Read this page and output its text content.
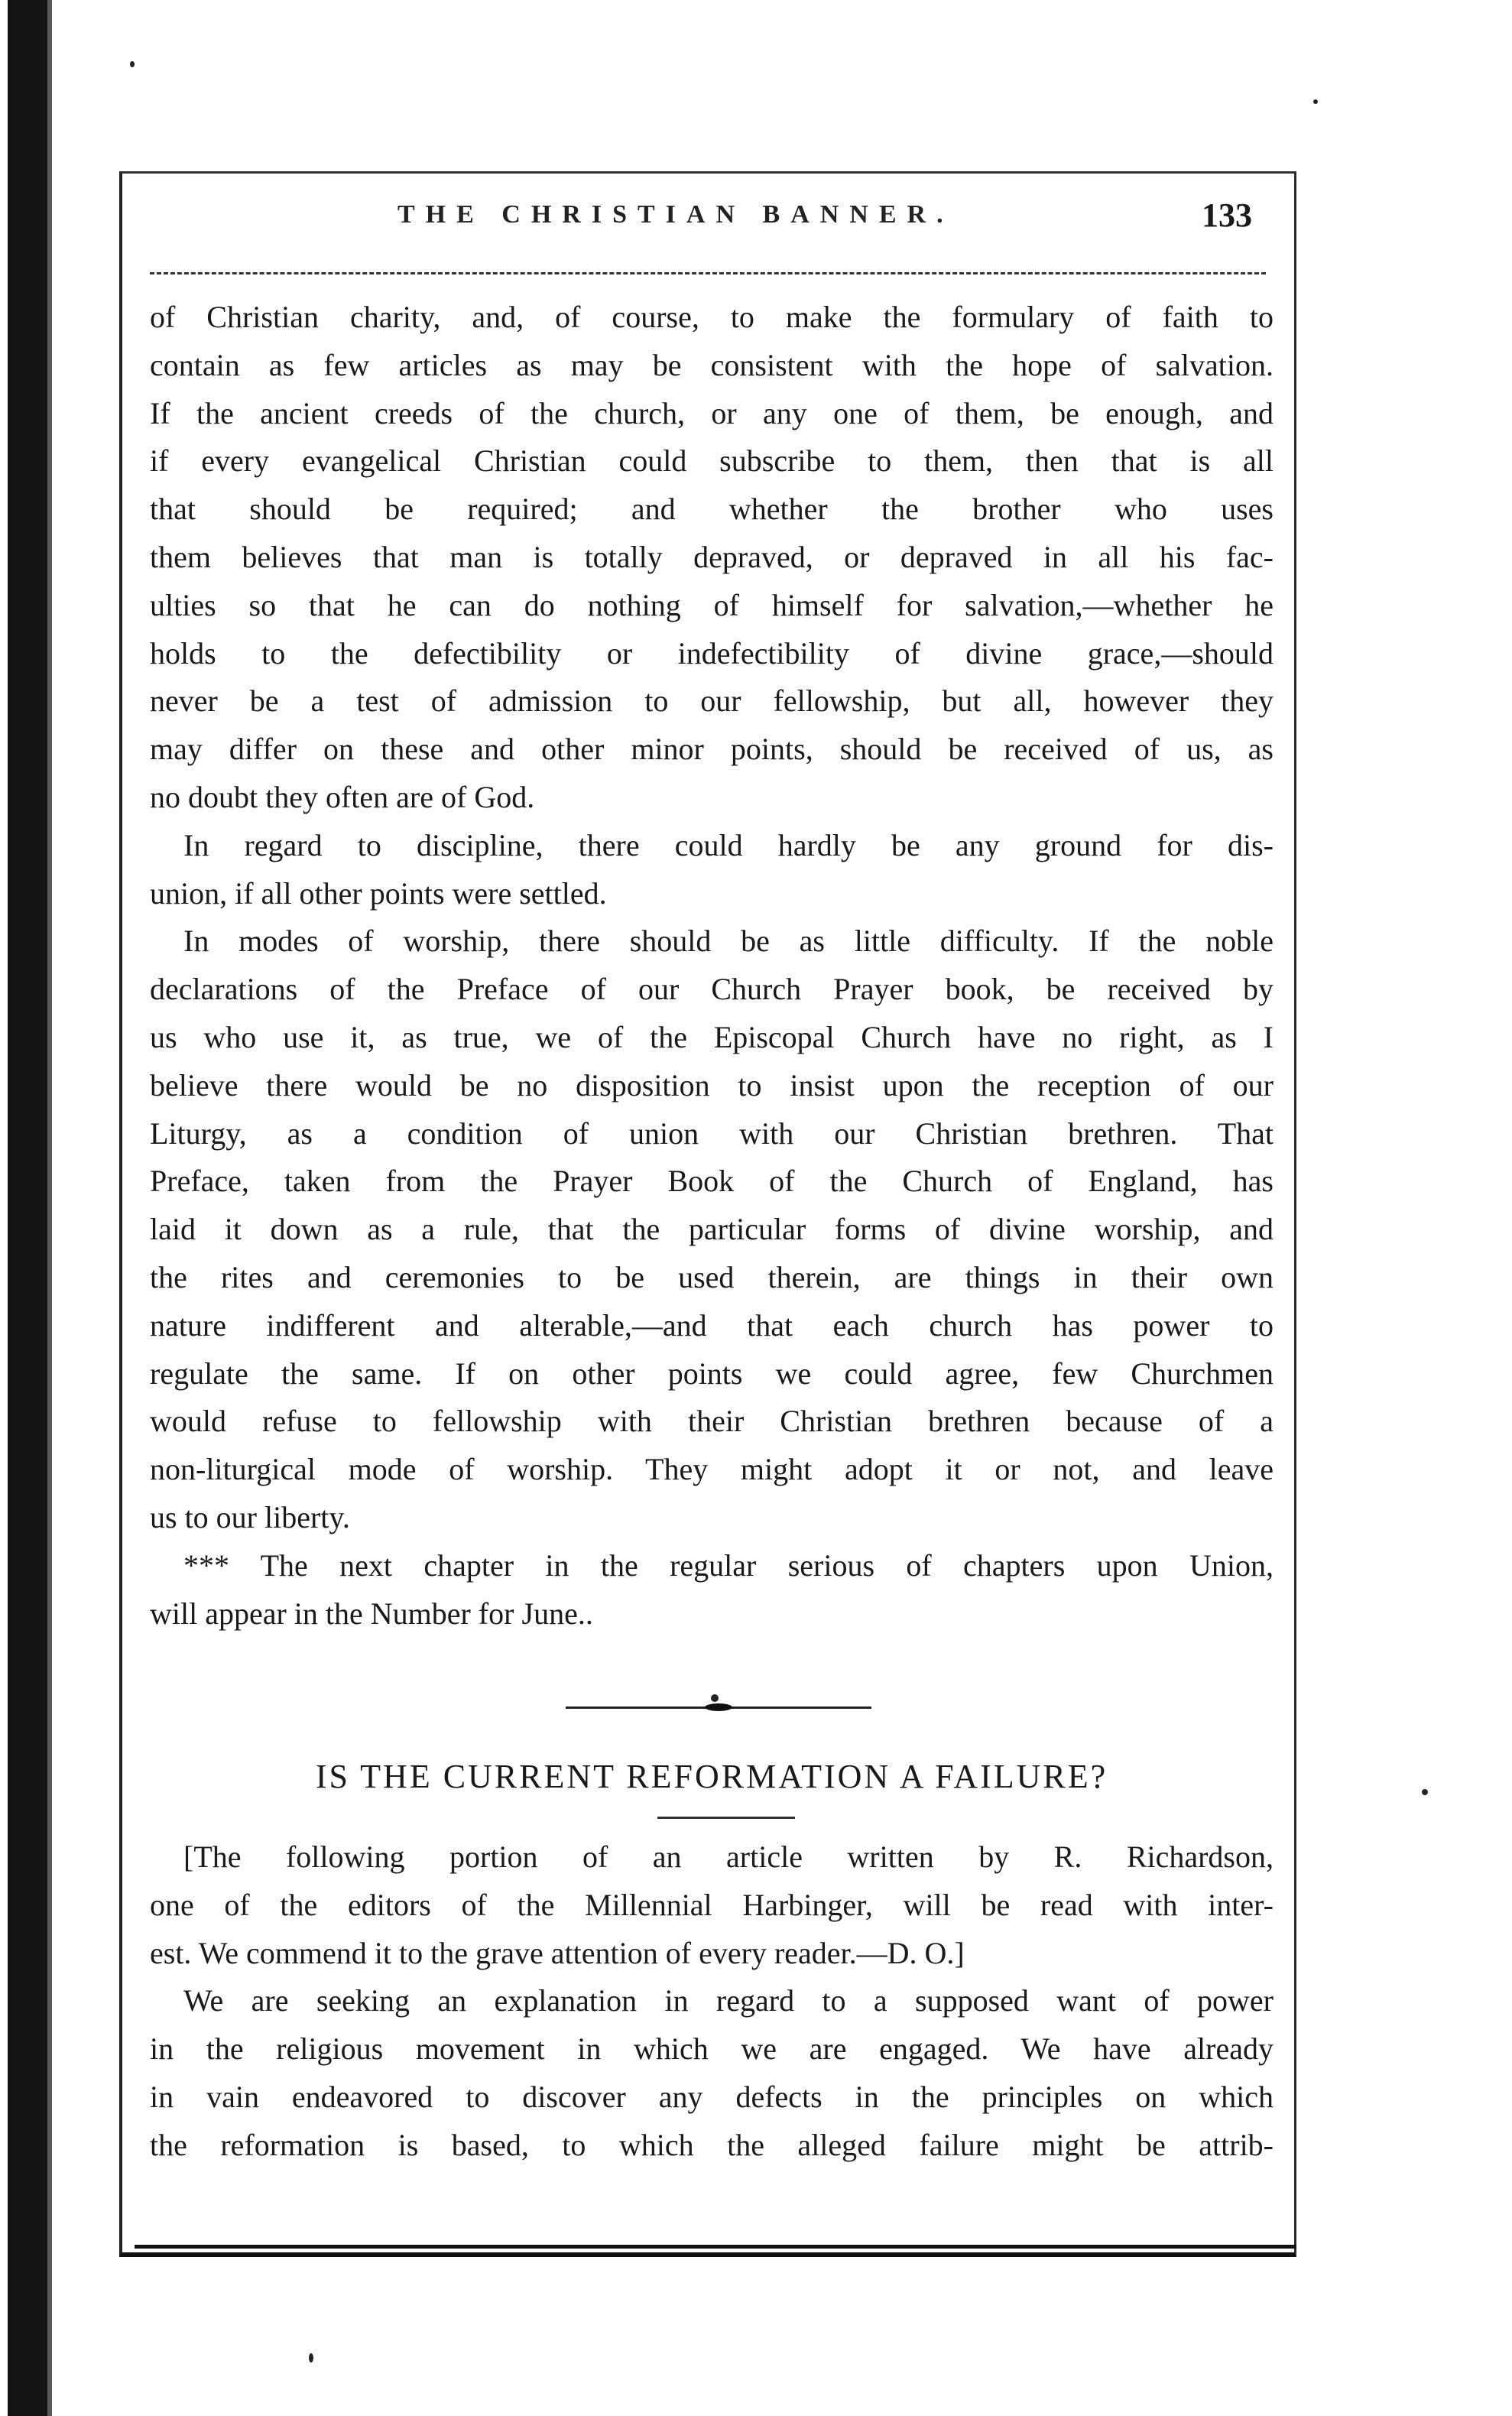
THE CHRISTIAN BANNER.	133
of Christian charity, and, of course, to make the formulary of faith to
contain as few articles as may be consistent with the hope of salvation.
If the ancient creeds of the church, or any one of them, be enough, and
if every evangelical Christian could subscribe to them, then that is all
that should be required; and whether the brother who uses
them believes that man is totally depraved, or depraved in all his fac-
ulties so that he can do nothing of himself for salvation,—whether he
holds to the defectibility or indefectibility of divine grace,—should
never be a test of admission to our fellowship, but all, however they
may differ on these and other minor points, should be received of us, as
no doubt they often are of God.
In regard to discipline, there could hardly be any ground for dis-
union, if all other points were settled.
In modes of worship, there should be as little difficulty. If the noble
declarations of the Preface of our Church Prayer book, be received by
us who use it, as true, we of the Episcopal Church have no right, as I
believe there would be no disposition to insist upon the reception of our
Liturgy, as a condition of union with our Christian brethren. That
Preface, taken from the Prayer Book of the Church of England, has
laid it down as a rule, that the particular forms of divine worship, and
the rites and ceremonies to be used therein, are things in their own
nature indifferent and alterable,—and that each church has power to
regulate the same. If on other points we could agree, few Churchmen
would refuse to fellowship with their Christian brethren because of a
non-liturgical mode of worship. They might adopt it or not, and leave
us to our liberty.
*** The next chapter in the regular serious of chapters upon Union,
will appear in the Number for June..
IS THE CURRENT REFORMATION A FAILURE?
[The following portion of an article written by R. Richardson,
one of the editors of the Millennial Harbinger, will be read with inter-
est. We commend it to the grave attention of every reader.—D. O.]
We are seeking an explanation in regard to a supposed want of power
in the religious movement in which we are engaged. We have already
in vain endeavored to discover any defects in the principles on which
the reformation is based, to which the alleged failure might be attrib-
